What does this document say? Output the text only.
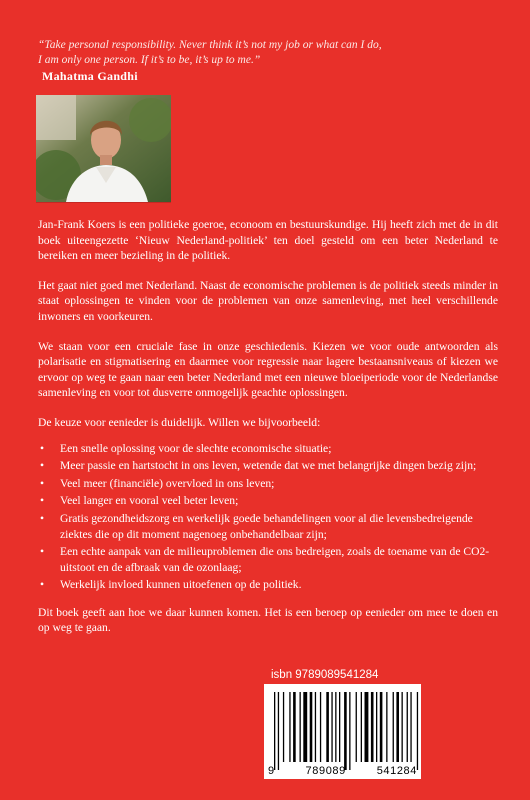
“Take personal responsibility. Never think it’s not my job or what can I do,
I am only one person. If it’s to be, it’s up to me.”
Mahatma Gandhi

Jan-Frank Koers is een politieke goeroe, econoom en bestuurskundige. Hij heeft zich met de in dit boek uiteengezette ‘Nieuw Nederland-politiek’ ten doel gesteld om een beter Nederland te bereiken en meer bezieling in de politiek.

Het gaat niet goed met Nederland. Naast de economische problemen is de politiek steeds minder in staat oplossingen te vinden voor de problemen van onze samenleving, met heel verschillende inwoners en voorkeuren.

We staan voor een cruciale fase in onze geschiedenis. Kiezen we voor oude antwoorden als polarisatie en stigmatisering en daarmee voor regressie naar lagere bestaansniveaus of kiezen we ervoor op weg te gaan naar een beter Nederland met een nieuwe bloeiperiode voor de Nederlandse samenleving en voor tot dusverre onmogelijk geachte oplossingen.

De keuze voor eenieder is duidelijk. Willen we bijvoorbeeld:

• Een snelle oplossing voor de slechte economische situatie;
• Meer passie en hartstocht in ons leven, wetende dat we met belangrijke dingen bezig zijn;
• Veel meer (financiële) overvloed in ons leven;
• Veel langer en vooral veel beter leven;
• Gratis gezondheidszorg en werkelijk goede behandelingen voor al die levensbedreigende ziektes die op dit moment nagenoeg onbehandelbaar zijn;
• Een echte aanpak van de milieuproblemen die ons bedreigen, zoals de toename van de CO2-uitstoot en de afbraak van de ozonlaag;
• Werkelijk invloed kunnen uitoefenen op de politiek.

Dit boek geeft aan hoe we daar kunnen komen. Het is een beroep op eenieder om mee te doen en op weg te gaan.

isbn 9789089541284
9	789089	541284
